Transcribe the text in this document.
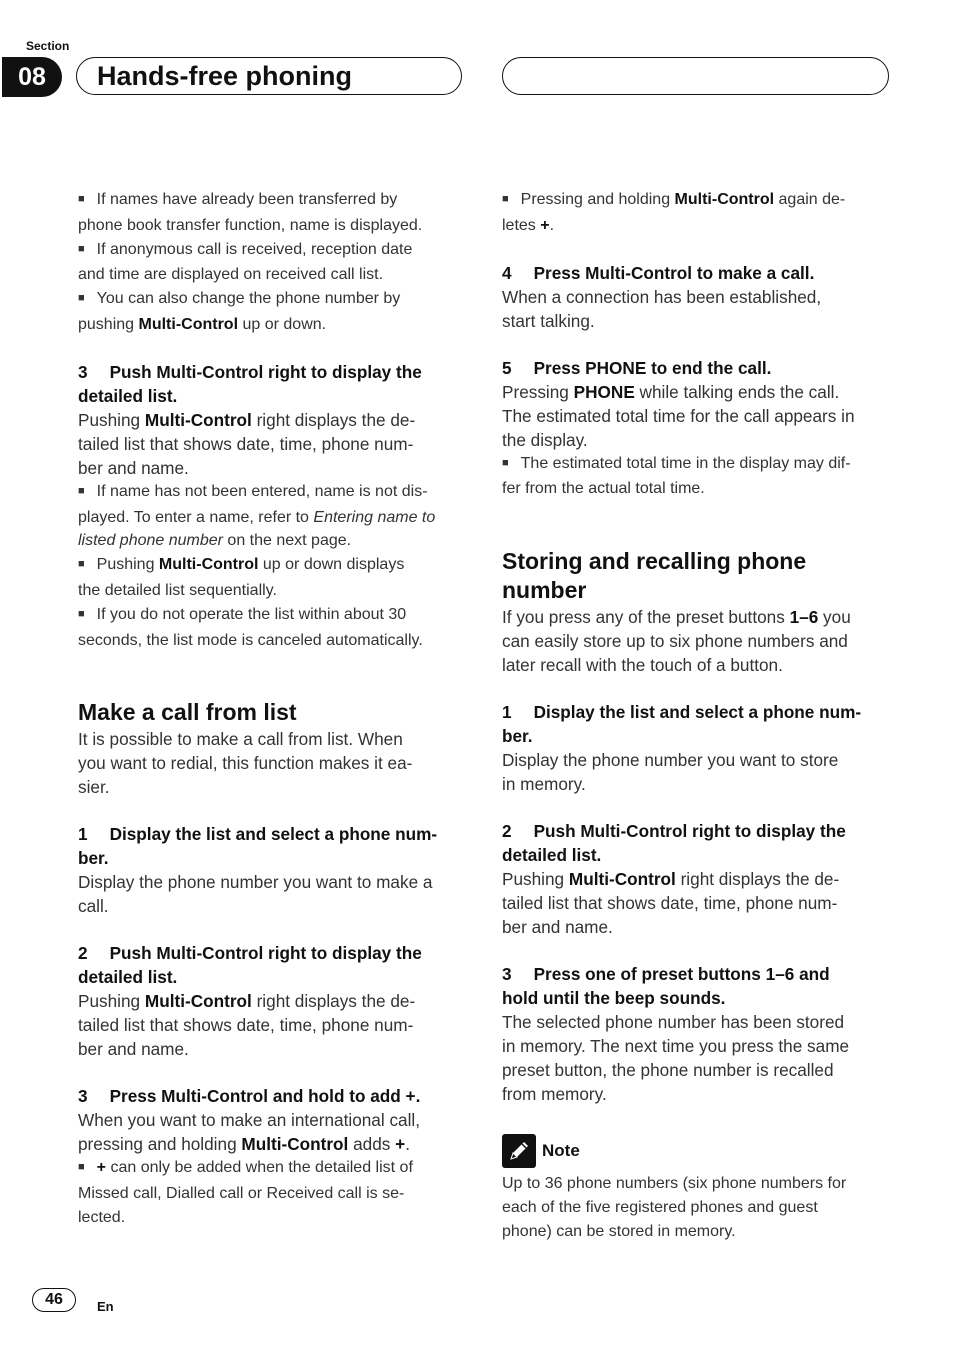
Section
08	Hands-free phoning
■ If names have already been transferred by
phone book transfer function, name is displayed.
■ If anonymous call is received, reception date
and time are displayed on received call list.
■ You can also change the phone number by
pushing Multi-Control up or down.
3 Push Multi-Control right to display the
detailed list.
Pushing Multi-Control right displays the de-
tailed list that shows date, time, phone num-
ber and name.
■ If name has not been entered, name is not dis-
played. To enter a name, refer to Entering name to
listed phone number on the next page.
■ Pushing Multi-Control up or down displays
the detailed list sequentially.
■ If you do not operate the list within about 30
seconds, the list mode is canceled automatically.
Make a call from list
It is possible to make a call from list. When
you want to redial, this function makes it ea-
sier.
1 Display the list and select a phone num-
ber.
Display the phone number you want to make a
call.
2 Push Multi-Control right to display the
detailed list.
Pushing Multi-Control right displays the de-
tailed list that shows date, time, phone num-
ber and name.
3 Press Multi-Control and hold to add +.
When you want to make an international call,
pressing and holding Multi-Control adds +.
■ + can only be added when the detailed list of
Missed call, Dialled call or Received call is se-
lected.
■ Pressing and holding Multi-Control again de-
letes +.
4 Press Multi-Control to make a call.
When a connection has been established,
start talking.
5 Press PHONE to end the call.
Pressing PHONE while talking ends the call.
The estimated total time for the call appears in
the display.
■ The estimated total time in the display may dif-
fer from the actual total time.
Storing and recalling phone
number
If you press any of the preset buttons 1–6 you
can easily store up to six phone numbers and
later recall with the touch of a button.
1 Display the list and select a phone num-
ber.
Display the phone number you want to store
in memory.
2 Push Multi-Control right to display the
detailed list.
Pushing Multi-Control right displays the de-
tailed list that shows date, time, phone num-
ber and name.
3 Press one of preset buttons 1–6 and
hold until the beep sounds.
The selected phone number has been stored
in memory. The next time you press the same
preset button, the phone number is recalled
from memory.
Note
Up to 36 phone numbers (six phone numbers for
each of the five registered phones and guest
phone) can be stored in memory.
46	En
